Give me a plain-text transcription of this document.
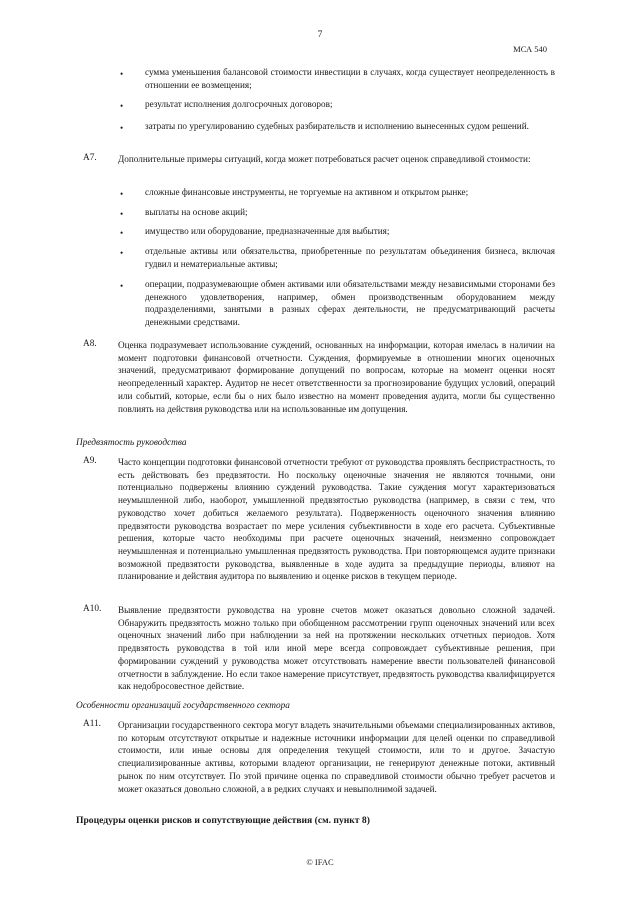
7
МСА 540
• сумма уменьшения балансовой стоимости инвестиции в случаях, когда существует неопределенность в отношении ее возмещения;
• результат исполнения долгосрочных договоров;
• затраты по урегулированию судебных разбирательств и исполнению вынесенных судом решений.
A7. Дополнительные примеры ситуаций, когда может потребоваться расчет оценок справедливой стоимости:
• сложные финансовые инструменты, не торгуемые на активном и открытом рынке;
• выплаты на основе акций;
• имущество или оборудование, предназначенные для выбытия;
• отдельные активы или обязательства, приобретенные по результатам объединения бизнеса, включая гудвил и нематериальные активы;
• операции, подразумевающие обмен активами или обязательствами между независимыми сторонами без денежного удовлетворения, например, обмен производственным оборудованием между подразделениями, занятыми в разных сферах деятельности, не предусматривающий расчеты денежными средствами.
A8. Оценка подразумевает использование суждений, основанных на информации, которая имелась в наличии на момент подготовки финансовой отчетности. Суждения, формируемые в отношении многих оценочных значений, предусматривают формирование допущений по вопросам, которые на момент оценки носят неопределенный характер. Аудитор не несет ответственности за прогнозирование будущих условий, операций или событий, которые, если бы о них было известно на момент проведения аудита, могли бы существенно повлиять на действия руководства или на использованные им допущения.
Предвзятость руководства
A9. Часто концепции подготовки финансовой отчетности требуют от руководства проявлять беспристрастность, то есть действовать без предвзятости. Но поскольку оценочные значения не являются точными, они потенциально подвержены влиянию суждений руководства. Такие суждения могут характеризоваться неумышленной либо, наоборот, умышленной предвзятостью руководства (например, в связи с тем, что руководство хочет добиться желаемого результата). Подверженность оценочного значения влиянию предвзятости руководства возрастает по мере усиления субъективности в ходе его расчета. Субъективные решения, которые часто необходимы при расчете оценочных значений, неизменно сопровождает неумышленная и потенциально умышленная предвзятость руководства. При повторяющемся аудите признаки возможной предвзятости руководства, выявленные в ходе аудита за предыдущие периоды, влияют на планирование и действия аудитора по выявлению и оценке рисков в текущем периоде.
A10. Выявление предвзятости руководства на уровне счетов может оказаться довольно сложной задачей. Обнаружить предвзятость можно только при обобщенном рассмотрении групп оценочных значений или всех оценочных значений либо при наблюдении за ней на протяжении нескольких отчетных периодов. Хотя предвзятость руководства в той или иной мере всегда сопровождает субъективные решения, при формировании суждений у руководства может отсутствовать намерение ввести пользователей финансовой отчетности в заблуждение. Но если такое намерение присутствует, предвзятость руководства квалифицируется как недобросовестное действие.
Особенности организаций государственного сектора
A11. Организации государственного сектора могут владеть значительными объемами специализированных активов, по которым отсутствуют открытые и надежные источники информации для целей оценки по справедливой стоимости, или иные основы для определения текущей стоимости, или то и другое. Зачастую специализированные активы, которыми владеют организации, не генерируют денежные потоки, активный рынок по ним отсутствует. По этой причине оценка по справедливой стоимости обычно требует расчетов и может оказаться довольно сложной, а в редких случаях и невыполнимой задачей.
Процедуры оценки рисков и сопутствующие действия (см. пункт 8)
© IFAC
